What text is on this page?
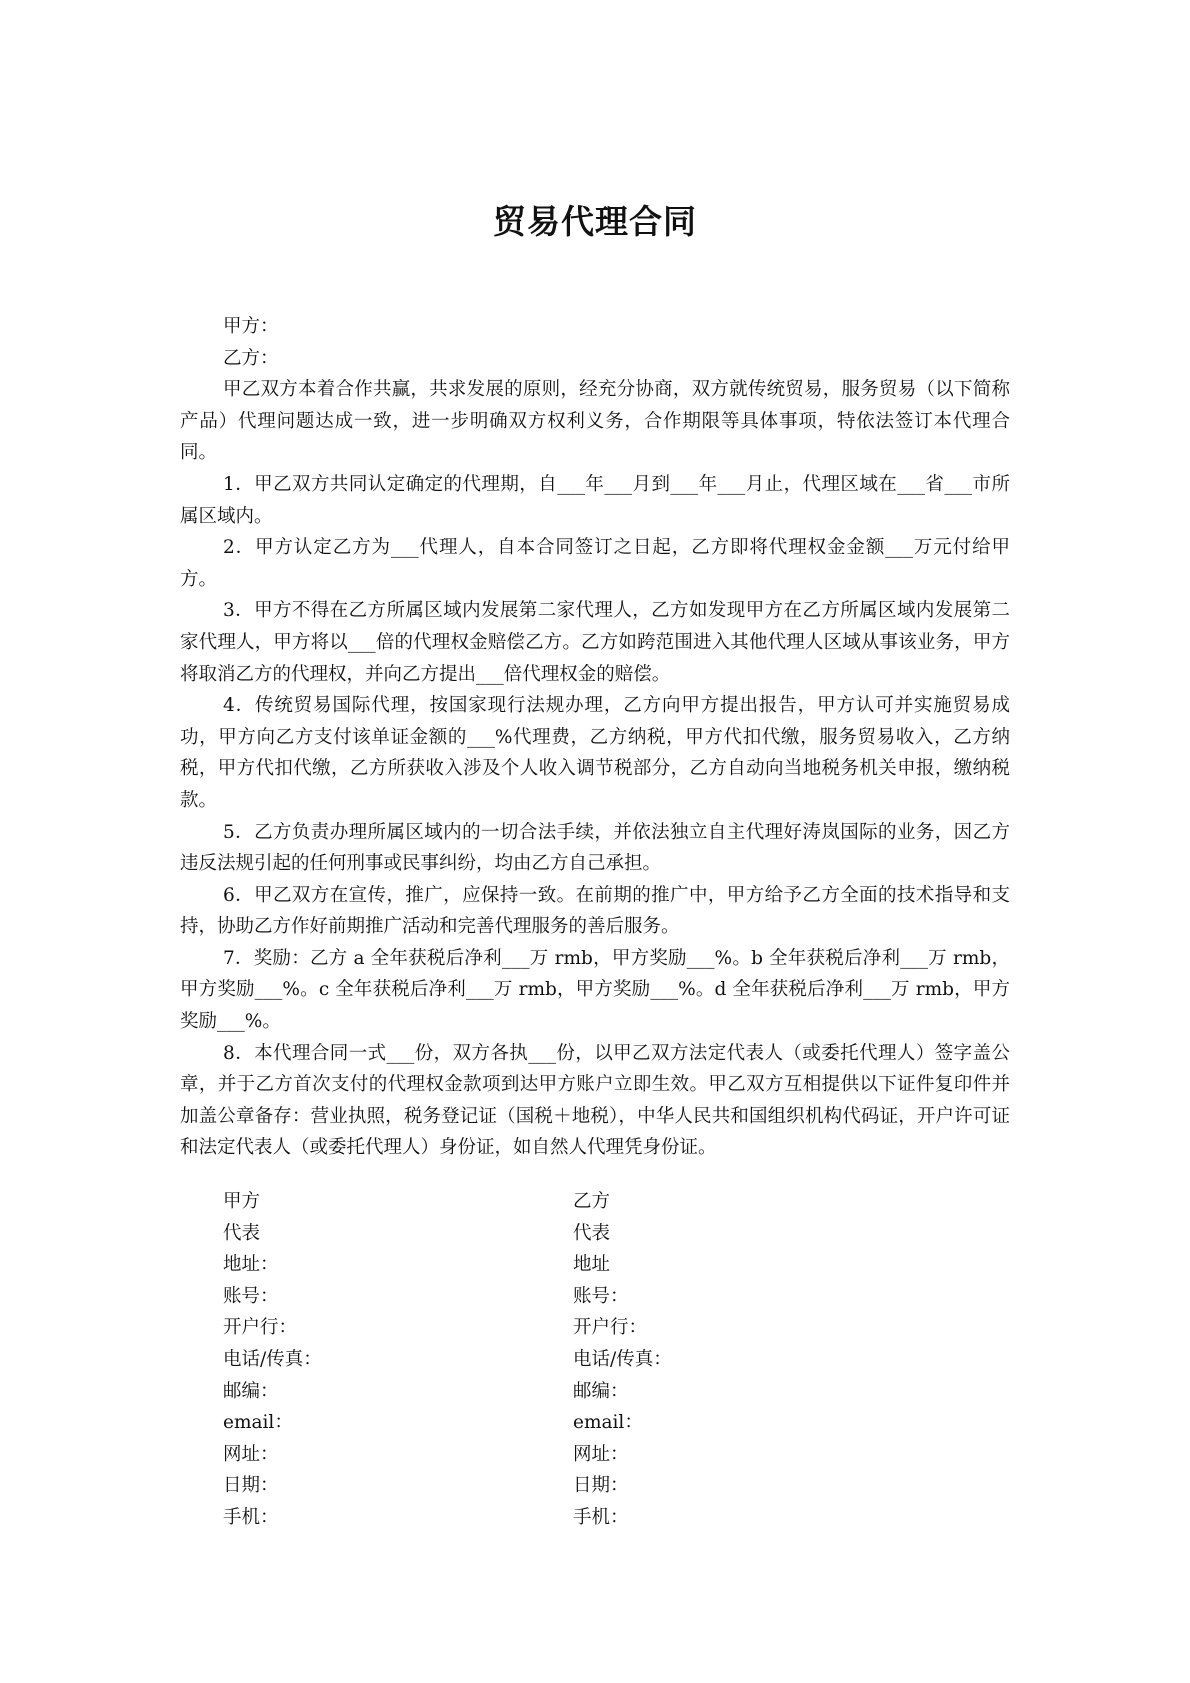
贸易代理合同

甲方：

乙方：

甲乙双方本着合作共赢，共求发展的原则，经充分协商，双方就传统贸易，服务贸易（以下简称产品）代理问题达成一致，进一步明确双方权利义务，合作期限等具体事项，特依法签订本代理合同。

1．甲乙双方共同认定确定的代理期，自___年___月到___年___月止，代理区域在___省___市所属区域内。

2．甲方认定乙方为___代理人，自本合同签订之日起，乙方即将代理权金金额___万元付给甲方。

3．甲方不得在乙方所属区域内发展第二家代理人，乙方如发现甲方在乙方所属区域内发展第二家代理人，甲方将以___倍的代理权金赔偿乙方。乙方如跨范围进入其他代理人区域从事该业务，甲方将取消乙方的代理权，并向乙方提出___倍代理权金的赔偿。

4．传统贸易国际代理，按国家现行法规办理，乙方向甲方提出报告，甲方认可并实施贸易成功，甲方向乙方支付该单证金额的___%代理费，乙方纳税，甲方代扣代缴，服务贸易收入，乙方纳税，甲方代扣代缴，乙方所获收入涉及个人收入调节税部分，乙方自动向当地税务机关申报，缴纳税款。

5．乙方负责办理所属区域内的一切合法手续，并依法独立自主代理好涛岚国际的业务，因乙方违反法规引起的任何刑事或民事纠纷，均由乙方自己承担。

6．甲乙双方在宣传，推广，应保持一致。在前期的推广中，甲方给予乙方全面的技术指导和支持，协助乙方作好前期推广活动和完善代理服务的善后服务。

7．奖励：乙方 a 全年获税后净利___万 rmb，甲方奖励___%。b 全年获税后净利___万 rmb，甲方奖励___%。c 全年获税后净利___万 rmb，甲方奖励___%。d 全年获税后净利___万 rmb，甲方奖励___%。

8．本代理合同一式___份，双方各执___份，以甲乙双方法定代表人（或委托代理人）签字盖公章，并于乙方首次支付的代理权金款项到达甲方账户立即生效。甲乙双方互相提供以下证件复印件并加盖公章备存：营业执照，税务登记证（国税＋地税），中华人民共和国组织机构代码证，开户许可证和法定代表人（或委托代理人）身份证，如自然人代理凭身份证。

甲方	乙方
代表	代表
地址：	地址
账号：	账号：
开户行：	开户行：
电话/传真：	电话/传真：
邮编：	邮编：
email：	email：
网址：	网址：
日期：	日期：
手机：	手机：
